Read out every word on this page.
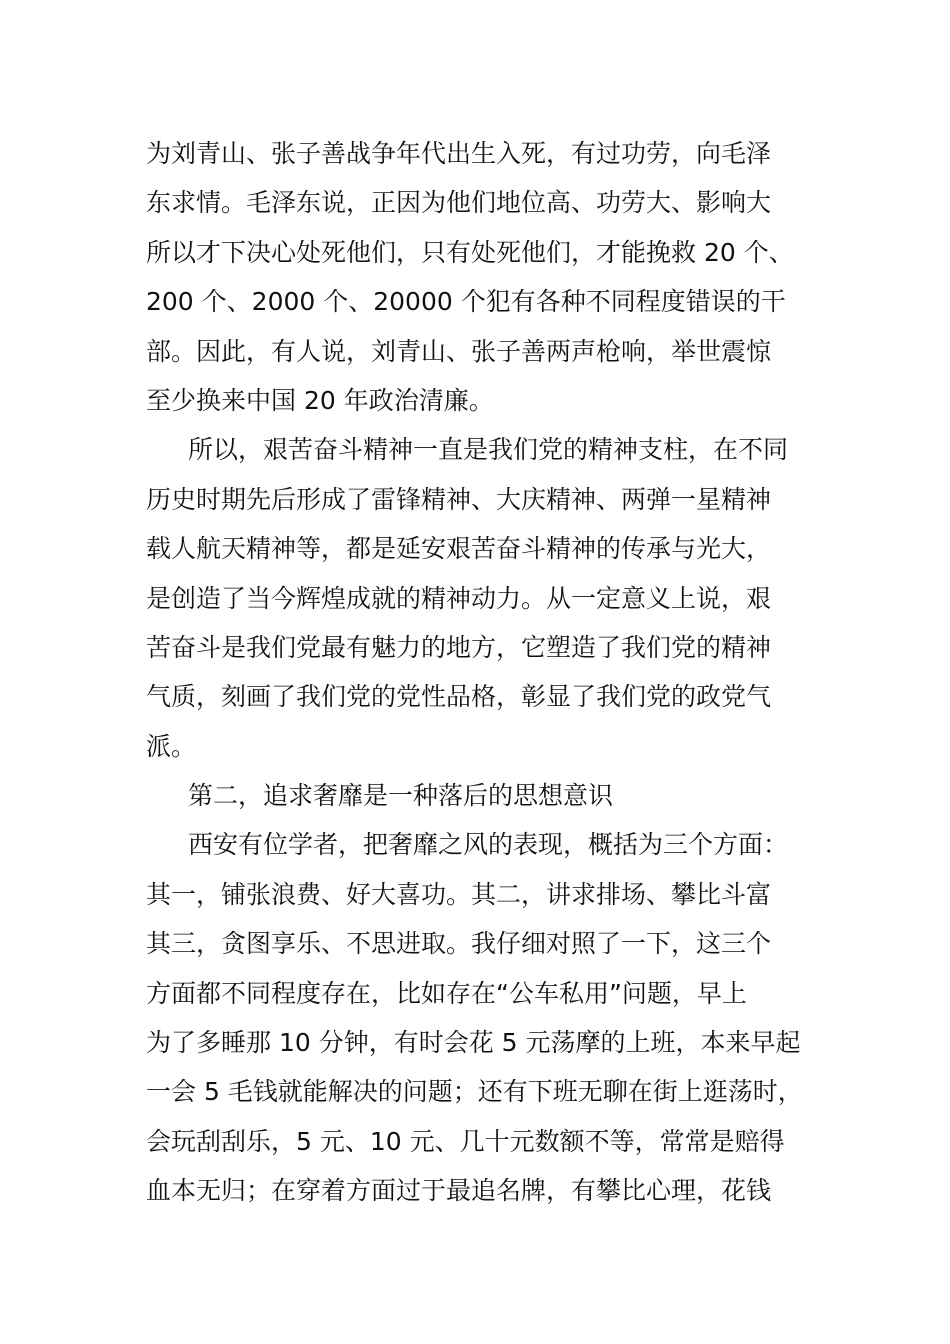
为刘青山、张子善战争年代出生入死，有过功劳，向毛泽
东求情。毛泽东说，正因为他们地位高、功劳大、影响大
所以才下决心处死他们，只有处死他们，才能挽救 20 个、
200 个、2000 个、20000 个犯有各种不同程度错误的干
部。因此，有人说，刘青山、张子善两声枪响，举世震惊
至少换来中国 20 年政治清廉。
所以，艰苦奋斗精神一直是我们党的精神支柱，在不同
历史时期先后形成了雷锋精神、大庆精神、两弹一星精神
载人航天精神等，都是延安艰苦奋斗精神的传承与光大，
是创造了当今辉煌成就的精神动力。从一定意义上说，艰
苦奋斗是我们党最有魅力的地方，它塑造了我们党的精神
气质，刻画了我们党的党性品格，彰显了我们党的政党气
派。
第二，追求奢靡是一种落后的思想意识
西安有位学者，把奢靡之风的表现，概括为三个方面：
其一，铺张浪费、好大喜功。其二，讲求排场、攀比斗富
其三，贪图享乐、不思进取。我仔细对照了一下，这三个
方面都不同程度存在，比如存在“公车私用”问题，早上
为了多睡那 10 分钟，有时会花 5 元荡摩的上班，本来早起
一会 5 毛钱就能解决的问题；还有下班无聊在街上逛荡时，
会玩刮刮乐，5 元、10 元、几十元数额不等，常常是赔得
血本无归；在穿着方面过于最追名牌，有攀比心理，花钱
